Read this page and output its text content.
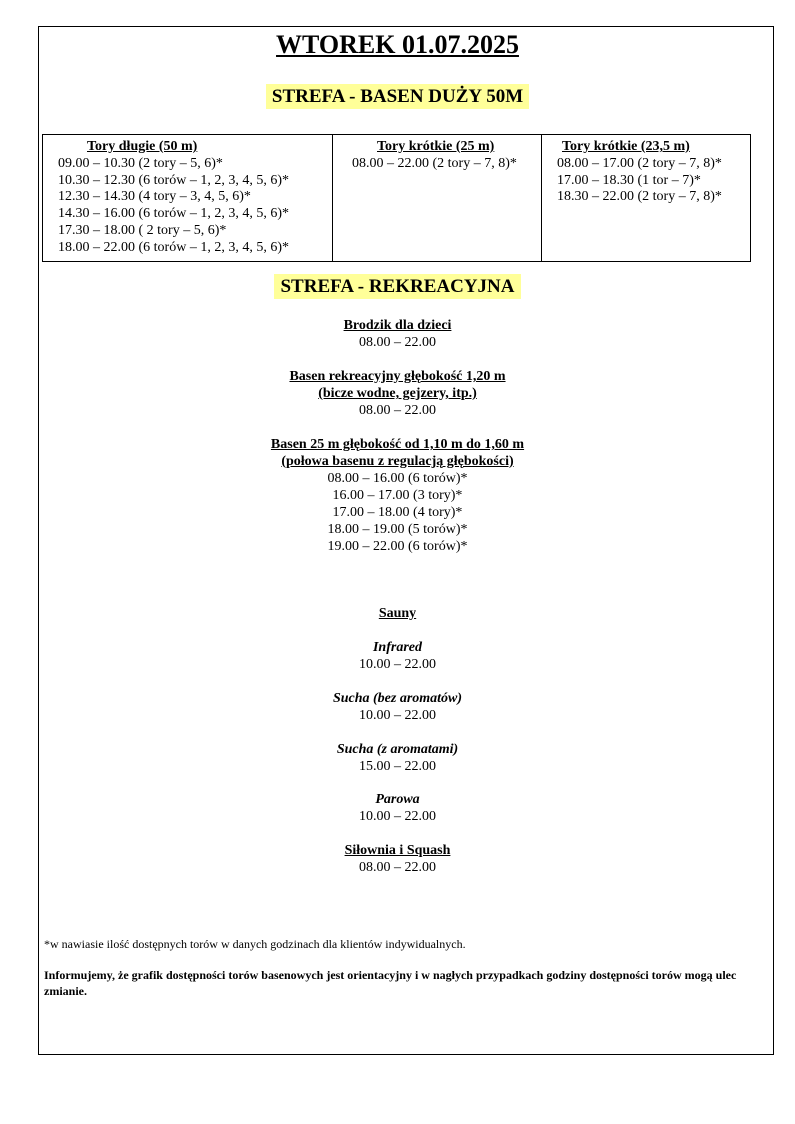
WTOREK 01.07.2025
STREFA - BASEN DUŻY 50M
Tory długie (50 m)
09.00 – 10.30 (2 tory – 5, 6)*
10.30 – 12.30 (6 torów – 1, 2, 3, 4, 5, 6)*
12.30 – 14.30 (4 tory – 3, 4, 5, 6)*
14.30 – 16.00 (6 torów – 1, 2, 3, 4, 5, 6)*
17.30 – 18.00 ( 2 tory – 5, 6)*
18.00 – 22.00 (6 torów – 1, 2, 3, 4, 5, 6)*
Tory krótkie (25 m)
08.00 – 22.00 (2 tory – 7, 8)*
Tory krótkie (23,5 m)
08.00 – 17.00 (2 tory – 7, 8)*
17.00 – 18.30 (1 tor – 7)*
18.30 – 22.00 (2 tory – 7, 8)*
STREFA - REKREACYJNA
Brodzik dla dzieci
08.00 – 22.00
Basen rekreacyjny głębokość 1,20 m
(bicze wodne, gejzery, itp.)
08.00 – 22.00
Basen 25 m głębokość od 1,10 m do 1,60 m
(połowa basenu z regulacją głębokości)
08.00 – 16.00 (6 torów)*
16.00 – 17.00 (3 tory)*
17.00 – 18.00 (4 tory)*
18.00 – 19.00 (5 torów)*
19.00 – 22.00 (6 torów)*
Sauny
Infrared
10.00 – 22.00
Sucha (bez aromatów)
10.00 – 22.00
Sucha (z aromatami)
15.00 – 22.00
Parowa
10.00 – 22.00
Siłownia i Squash
08.00 – 22.00
*w nawiasie ilość dostępnych torów w danych godzinach dla klientów indywidualnych.
Informujemy, że grafik dostępności torów basenowych jest orientacyjny i w nagłych przypadkach godziny dostępności torów mogą ulec zmianie.
